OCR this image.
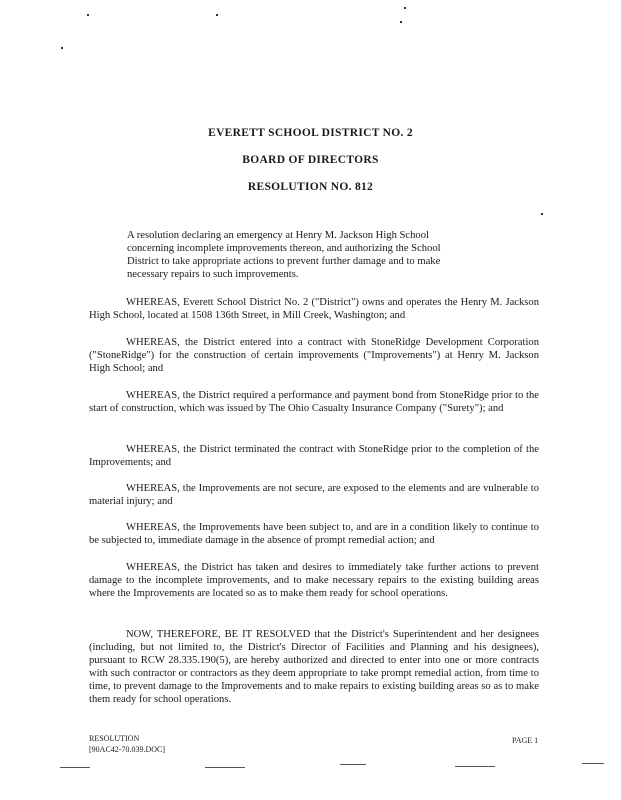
EVERETT SCHOOL DISTRICT NO. 2
BOARD OF DIRECTORS
RESOLUTION NO. 812
A resolution declaring an emergency at Henry M. Jackson High School concerning incomplete improvements thereon, and authorizing the School District to take appropriate actions to prevent further damage and to make necessary repairs to such improvements.
WHEREAS, Everett School District No. 2 ("District") owns and operates the Henry M. Jackson High School, located at 1508 136th Street, in Mill Creek, Washington; and
WHEREAS, the District entered into a contract with StoneRidge Development Corporation ("StoneRidge") for the construction of certain improvements ("Improvements") at Henry M. Jackson High School; and
WHEREAS, the District required a performance and payment bond from StoneRidge prior to the start of construction, which was issued by The Ohio Casualty Insurance Company ("Surety"); and
WHEREAS, the District terminated the contract with StoneRidge prior to the completion of the Improvements; and
WHEREAS, the Improvements are not secure, are exposed to the elements and are vulnerable to material injury; and
WHEREAS, the Improvements have been subject to, and are in a condition likely to continue to be subjected to, immediate damage in the absence of prompt remedial action; and
WHEREAS, the District has taken and desires to immediately take further actions to prevent damage to the incomplete improvements, and to make necessary repairs to the existing building areas where the Improvements are located so as to make them ready for school operations.
NOW, THEREFORE, BE IT RESOLVED that the District's Superintendent and her designees (including, but not limited to, the District's Director of Facilities and Planning and his designees), pursuant to RCW 28.335.190(5), are hereby authorized and directed to enter into one or more contracts with such contractor or contractors as they deem appropriate to take prompt remedial action, from time to time, to prevent damage to the Improvements and to make repairs to existing building areas so as to make them ready for school operations.
RESOLUTION
[90AC42-70.039.DOC]
PAGE 1
